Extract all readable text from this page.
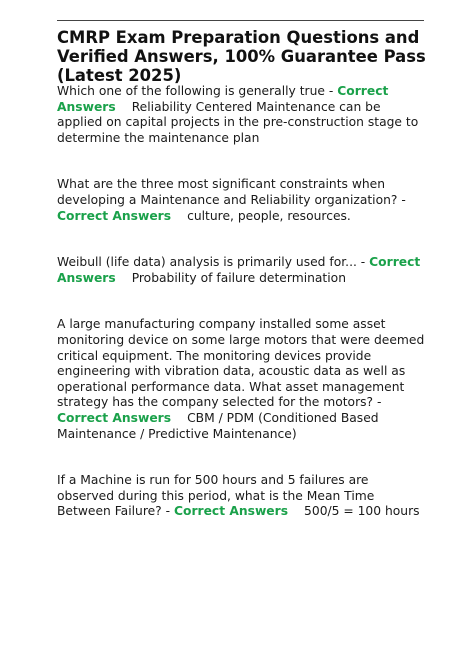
CMRP Exam Preparation Questions and Verified Answers, 100% Guarantee Pass (Latest 2025)

Which one of the following is generally true - Correct Answers Reliability Centered Maintenance can be applied on capital projects in the pre-construction stage to determine the maintenance plan

What are the three most significant constraints when developing a Maintenance and Reliability organization? - Correct Answers culture, people, resources.

Weibull (life data) analysis is primarily used for... - Correct Answers Probability of failure determination

A large manufacturing company installed some asset monitoring device on some large motors that were deemed critical equipment. The monitoring devices provide engineering with vibration data, acoustic data as well as operational performance data. What asset management strategy has the company selected for the motors? - Correct Answers CBM / PDM (Conditioned Based Maintenance / Predictive Maintenance)

If a Machine is run for 500 hours and 5 failures are observed during this period, what is the Mean Time Between Failure? - Correct Answers 500/5 = 100 hours
